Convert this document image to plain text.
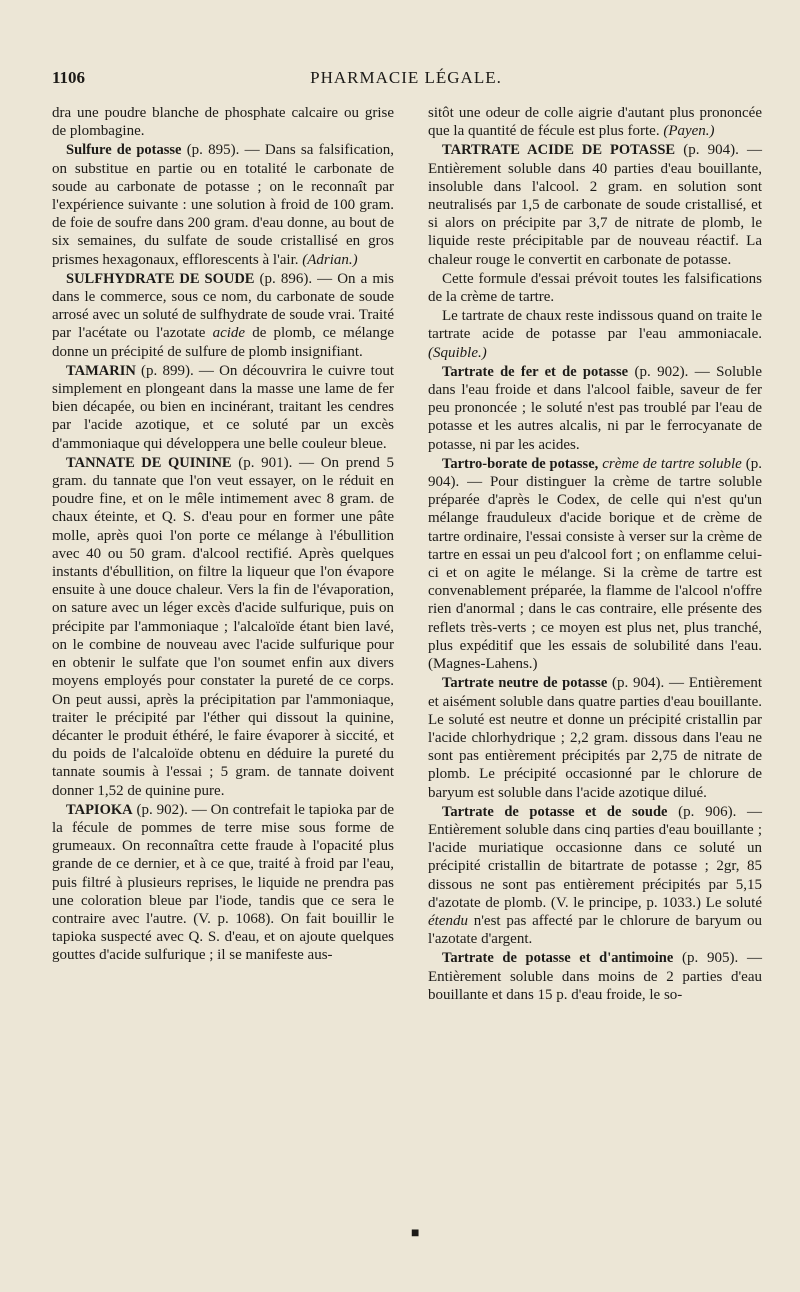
1106	PHARMACIE LÉGALE.

dra une poudre blanche de phosphate calcaire ou grise de plombagine.

Sulfure de potasse (p. 895). — Dans sa falsification, on substitue en partie ou en totalité le carbonate de soude au carbonate de potasse ; on le reconnaît par l'expérience suivante : une solution à froid de 100 gram. de foie de soufre dans 200 gram. d'eau donne, au bout de six semaines, du sulfate de soude cristallisé en gros prismes hexagonaux, efflorescents à l'air. (Adrian.)

SULFHYDRATE DE SOUDE (p. 896). — On a mis dans le commerce, sous ce nom, du carbonate de soude arrosé avec un soluté de sulfhydrate de soude vrai. Traité par l'acétate ou l'azotate acide de plomb, ce mélange donne un précipité de sulfure de plomb insignifiant.

TAMARIN (p. 899). — On découvrira le cuivre tout simplement en plongeant dans la masse une lame de fer bien décapée, ou bien en incinérant, traitant les cendres par l'acide azotique, et ce soluté par un excès d'ammoniaque qui développera une belle couleur bleue.

TANNATE DE QUININE (p. 901). — On prend 5 gram. du tannate que l'on veut essayer, on le réduit en poudre fine, et on le mêle intimement avec 8 gram. de chaux éteinte, et Q. S. d'eau pour en former une pâte molle, après quoi l'on porte ce mélange à l'ébullition avec 40 ou 50 gram. d'alcool rectifié. Après quelques instants d'ébullition, on filtre la liqueur que l'on évapore ensuite à une douce chaleur. Vers la fin de l'évaporation, on sature avec un léger excès d'acide sulfurique, puis on précipite par l'ammoniaque ; l'alcaloïde étant bien lavé, on le combine de nouveau avec l'acide sulfurique pour en obtenir le sulfate que l'on soumet enfin aux divers moyens employés pour constater la pureté de ce corps. On peut aussi, après la précipitation par l'ammoniaque, traiter le précipité par l'éther qui dissout la quinine, décanter le produit éthéré, le faire évaporer à siccité, et du poids de l'alcaloïde obtenu en déduire la pureté du tannate soumis à l'essai ; 5 gram. de tannate doivent donner 1,52 de quinine pure.

TAPIOKA (p. 902). — On contrefait le tapioka par de la fécule de pommes de terre mise sous forme de grumeaux. On reconnaîtra cette fraude à l'opacité plus grande de ce dernier, et à ce que, traité à froid par l'eau, puis filtré à plusieurs reprises, le liquide ne prendra pas une coloration bleue par l'iode, tandis que ce sera le contraire avec l'autre. (V. p. 1068). On fait bouillir le tapioka suspecté avec Q. S. d'eau, et on ajoute quelques gouttes d'acide sulfurique ; il se manifeste aus-

sitôt une odeur de colle aigrie d'autant plus prononcée que la quantité de fécule est plus forte. (Payen.)

TARTRATE ACIDE DE POTASSE (p. 904). — Entièrement soluble dans 40 parties d'eau bouillante, insoluble dans l'alcool. 2 gram. en solution sont neutralisés par 1,5 de carbonate de soude cristallisé, et si alors on précipite par 3,7 de nitrate de plomb, le liquide reste précipitable par de nouveau réactif. La chaleur rouge le convertit en carbonate de potasse.

Cette formule d'essai prévoit toutes les falsifications de la crème de tartre.

Le tartrate de chaux reste indissous quand on traite le tartrate acide de potasse par l'eau ammoniacale. (Squible.)

Tartrate de fer et de potasse (p. 902). — Soluble dans l'eau froide et dans l'alcool faible, saveur de fer peu prononcée ; le soluté n'est pas troublé par l'eau de potasse et les autres alcalis, ni par le ferrocyanate de potasse, ni par les acides.

Tartro-borate de potasse, crème de tartre soluble (p. 904). — Pour distinguer la crème de tartre soluble préparée d'après le Codex, de celle qui n'est qu'un mélange frauduleux d'acide borique et de crème de tartre ordinaire, l'essai consiste à verser sur la crème de tartre en essai un peu d'alcool fort ; on enflamme celui-ci et on agite le mélange. Si la crème de tartre est convenablement préparée, la flamme de l'alcool n'offre rien d'anormal ; dans le cas contraire, elle présente des reflets très-verts ; ce moyen est plus net, plus tranché, plus expéditif que les essais de solubilité dans l'eau. (Magnes-Lahens.)

Tartrate neutre de potasse (p. 904). — Entièrement et aisément soluble dans quatre parties d'eau bouillante. Le soluté est neutre et donne un précipité cristallin par l'acide chlorhydrique ; 2,2 gram. dissous dans l'eau ne sont pas entièrement précipités par 2,75 de nitrate de plomb. Le précipité occasionné par le chlorure de baryum est soluble dans l'acide azotique dilué.

Tartrate de potasse et de soude (p. 906). — Entièrement soluble dans cinq parties d'eau bouillante ; l'acide muriatique occasionne dans ce soluté un précipité cristallin de bitartrate de potasse ; 2gr, 85 dissous ne sont pas entièrement précipités par 5,15 d'azotate de plomb. (V. le principe, p. 1033.) Le soluté étendu n'est pas affecté par le chlorure de baryum ou l'azotate d'argent.

Tartrate de potasse et d'antimoine (p. 905). — Entièrement soluble dans moins de 2 parties d'eau bouillante et dans 15 p. d'eau froide, le so-

■
